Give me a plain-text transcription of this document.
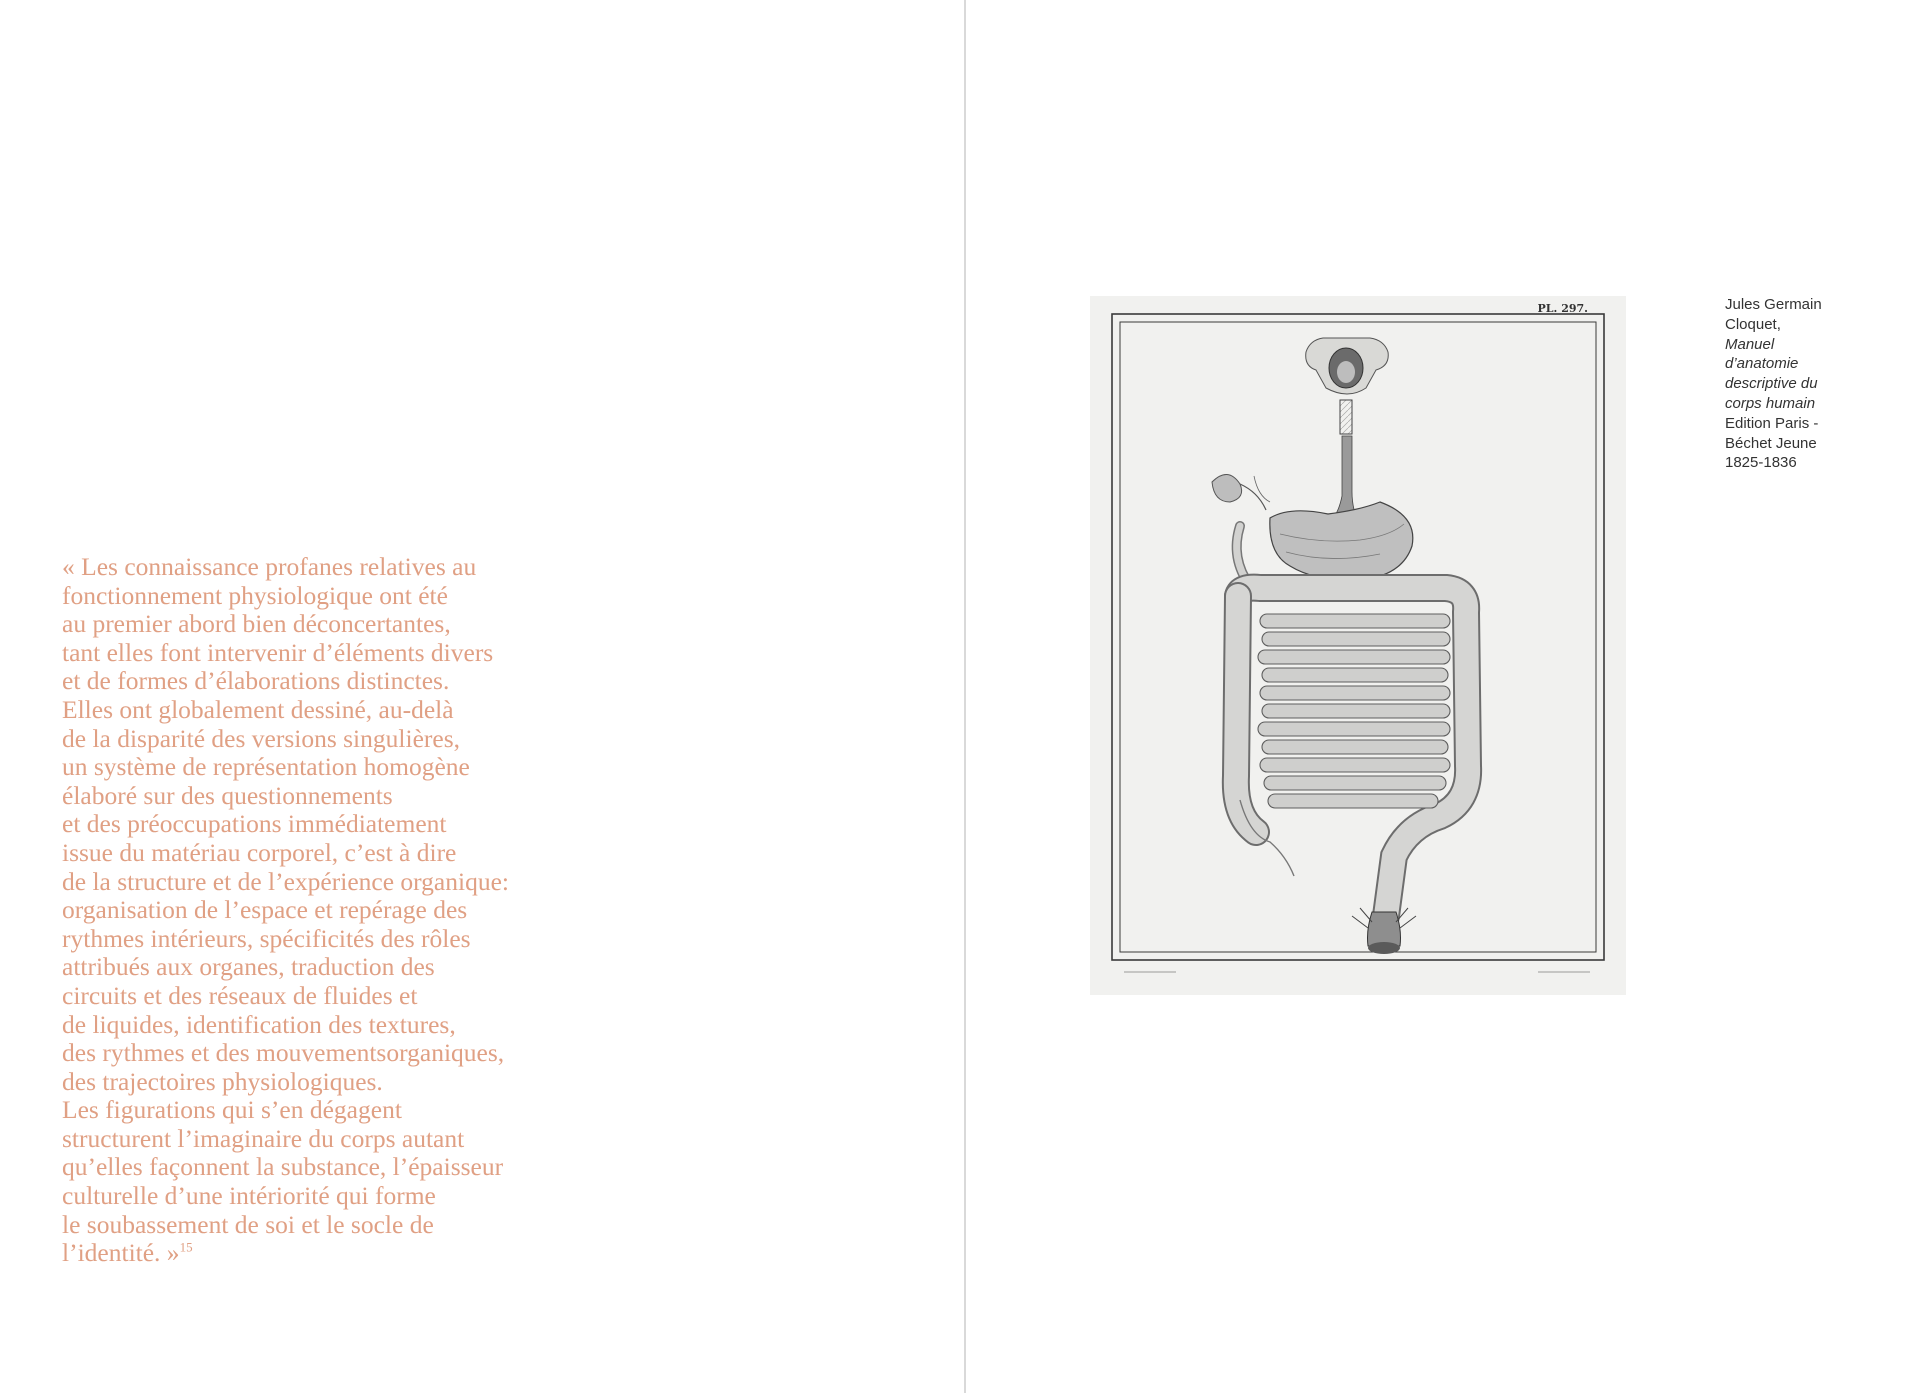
« Les connaissance profanes relatives au
fonctionnement physiologique ont été
au premier abord bien déconcertantes,
tant elles font intervenir d’éléments divers
et de formes d’élaborations distinctes.
Elles ont globalement dessiné, au-delà
de la disparité des versions singulières,
un système de représentation homogène
élaboré sur des questionnements
et des préoccupations immédiatement
issue du matériau corporel, c’est à dire
de la structure et de l’expérience organique:
organisation de l’espace et repérage des
rythmes intérieurs, spécificités des rôles
attribués aux organes, traduction des
circuits et des réseaux de fluides et
de liquides, identification des textures,
des rythmes et des mouvementsorganiques,
des trajectoires physiologiques.
Les figurations qui s’en dégagent
structurent l’imaginaire du corps autant
qu’elles façonnent la substance, l’épaisseur
culturelle d’une intériorité qui forme
le soubassement de soi et le socle de
l’identité. »$^{15}$

PL. 297.	Jules Germain
Cloquet,
Manuel
d’anatomie
descriptive du
corps humain
Edition Paris -
Béchet Jeune
1825-1836
